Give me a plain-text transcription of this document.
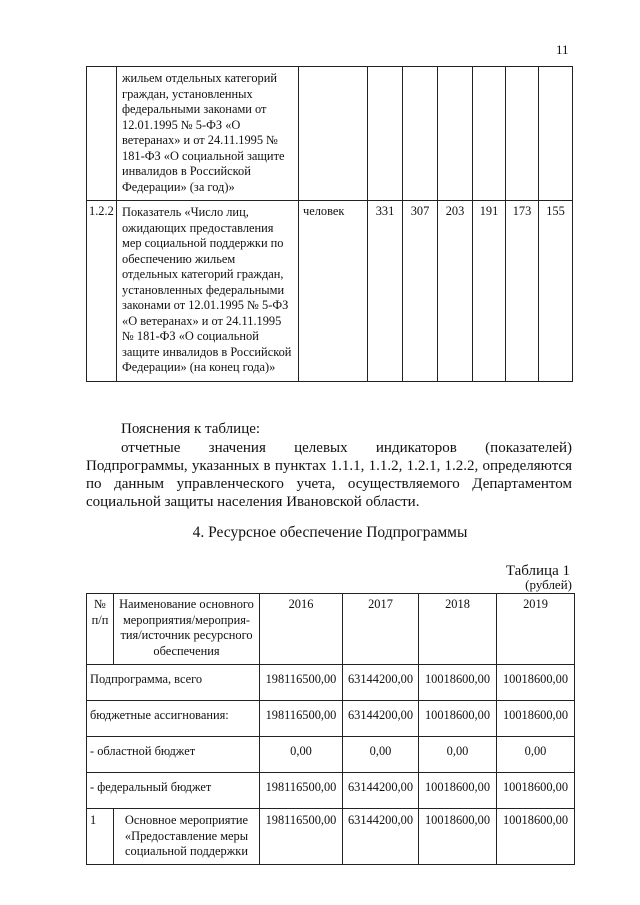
11
	жильем отдельных категорий граждан, установленных федеральными законами от 12.01.1995 № 5-ФЗ «О ветеранах» и от 24.11.1995 № 181-ФЗ «О социальной защите инвалидов в Российской Федерации» (за год)»							
1.2.2	Показатель «Число лиц, ожидающих предоставления мер социальной поддержки по обеспечению жильем отдельных категорий граждан, установленных федеральными законами от 12.01.1995 № 5-ФЗ «О ветеранах» и от 24.11.1995 № 181-ФЗ «О социальной защите инвалидов в Российской Федерации» (на конец года)»	человек	331	307	203	191	173	155
Пояснения к таблице:
отчетные значения целевых индикаторов (показателей)
Подпрограммы, указанных в пунктах 1.1.1, 1.1.2, 1.2.1, 1.2.2, определяются
по данным управленческого учета, осуществляемого Департаментом
социальной защиты населения Ивановской области.
4. Ресурсное обеспечение Подпрограммы
Таблица 1
(рублей)
№ п/п	Наименование основного мероприятия/мероприя-тия/источник ресурсного обеспечения	2016	2017	2018	2019
Подпрограмма, всего		198116500,00	63144200,00	10018600,00	10018600,00
бюджетные ассигнования:		198116500,00	63144200,00	10018600,00	10018600,00
- областной бюджет		0,00	0,00	0,00	0,00
- федеральный бюджет		198116500,00	63144200,00	10018600,00	10018600,00
1	Основное мероприятие «Предоставление меры социальной поддержки	198116500,00	63144200,00	10018600,00	10018600,00
